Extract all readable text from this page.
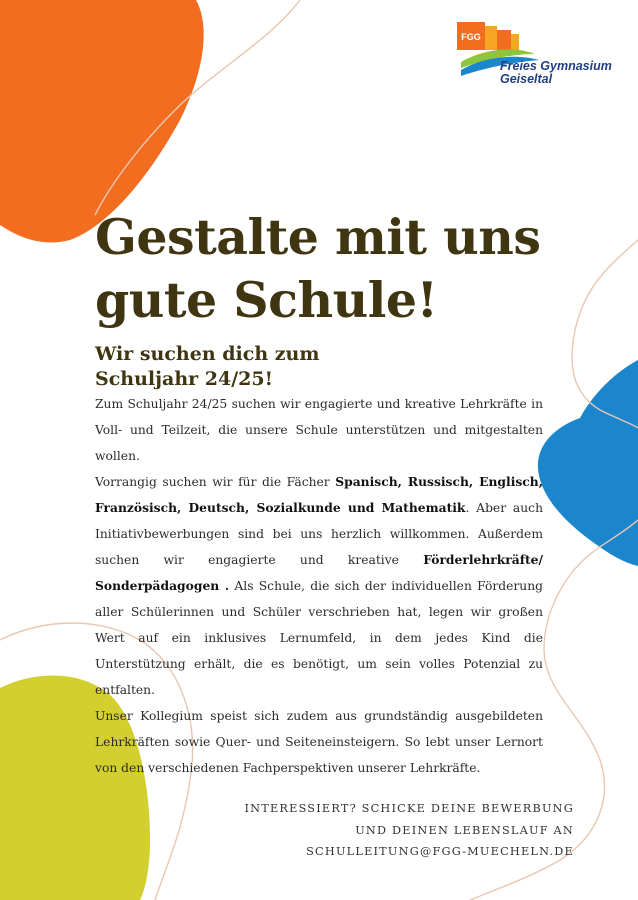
FGG
Freies Gymnasium
Geiseltal
Gestalte mit uns
gute Schule!
Wir suchen dich zum
Schuljahr 24/25!

Zum Schuljahr 24/25 suchen wir engagierte und kreative Lehrkräfte in Voll- und Teilzeit, die unsere Schule unterstützen und mitgestalten wollen.

Vorrangig suchen wir für die Fächer Spanisch, Russisch, Englisch, Französisch, Deutsch, Sozialkunde und Mathematik. Aber auch Initiativbewerbungen sind bei uns herzlich willkommen. Außerdem suchen wir engagierte und kreative Förderlehrkräfte/ Sonderpädagogen . Als Schule, die sich der individuellen Förderung aller Schülerinnen und Schüler verschrieben hat, legen wir großen Wert auf ein inklusives Lernumfeld, in dem jedes Kind die Unterstützung erhält, die es benötigt, um sein volles Potenzial zu entfalten.

Unser Kollegium speist sich zudem aus grundständig ausgebildeten Lehrkräften sowie Quer- und Seiteneinsteigern. So lebt unser Lernort von den verschiedenen Fachperspektiven unserer Lehrkräfte.

INTERESSIERT? SCHICKE DEINE BEWERBUNG
UND DEINEN LEBENSLAUF AN
SCHULLEITUNG@FGG-MUECHELN.DE
